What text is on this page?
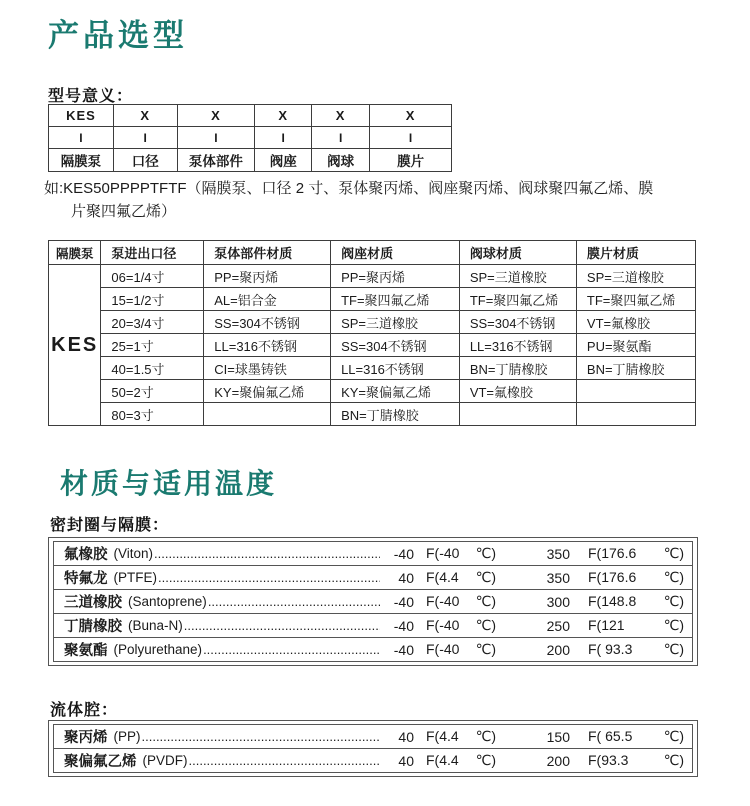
产品选型
型号意义：
KES	X	X	X	X	X
I	I	I	I	I	I
隔膜泵	口径	泵体部件	阀座	阀球	膜片
如:KES50PPPPTFTF（隔膜泵、口径 2 寸、泵体聚丙烯、阀座聚丙烯、阀球聚四氟乙烯、膜
片聚四氟乙烯）
隔膜泵	泵进出口径	泵体部件材质	阀座材质	阀球材质	膜片材质
KES	06=1/4寸	PP=聚丙烯	PP=聚丙烯	SP=三道橡胶	SP=三道橡胶
	15=1/2寸	AL=铝合金	TF=聚四氟乙烯	TF=聚四氟乙烯	TF=聚四氟乙烯
	20=3/4寸	SS=304不锈钢	SP=三道橡胶	SS=304不锈钢	VT=氟橡胶
	25=1寸	LL=316不锈钢	SS=304不锈钢	LL=316不锈钢	PU=聚氨酯
	40=1.5寸	CI=球墨铸铁	LL=316不锈钢	BN=丁腈橡胶	BN=丁腈橡胶
	50=2寸	KY=聚偏氟乙烯	KY=聚偏氟乙烯	VT=氟橡胶	
	80=3寸		BN=丁腈橡胶		
材质与适用温度
密封圈与隔膜：
氟橡胶 (Viton) .....	-40 F(-40 ℃)	350 F(176.6 ℃)
特氟龙 (PTFE) .....	40 F(4.4 ℃)	350 F(176.6 ℃)
三道橡胶 (Santoprene) .....	-40 F(-40 ℃)	300 F(148.8 ℃)
丁腈橡胶 (Buna-N) .....	-40 F(-40 ℃)	250 F(121	℃)
聚氨酯 (Polyurethane) .....	-40 F(-40 ℃)	200 F( 93.3 ℃)
流体腔：
聚丙烯 (PP) .....	40 F(4.4 ℃)	150 F( 65.5 ℃)
聚偏氟乙烯 (PVDF) .....	40 F(4.4 ℃)	200 F(93.3	℃)
